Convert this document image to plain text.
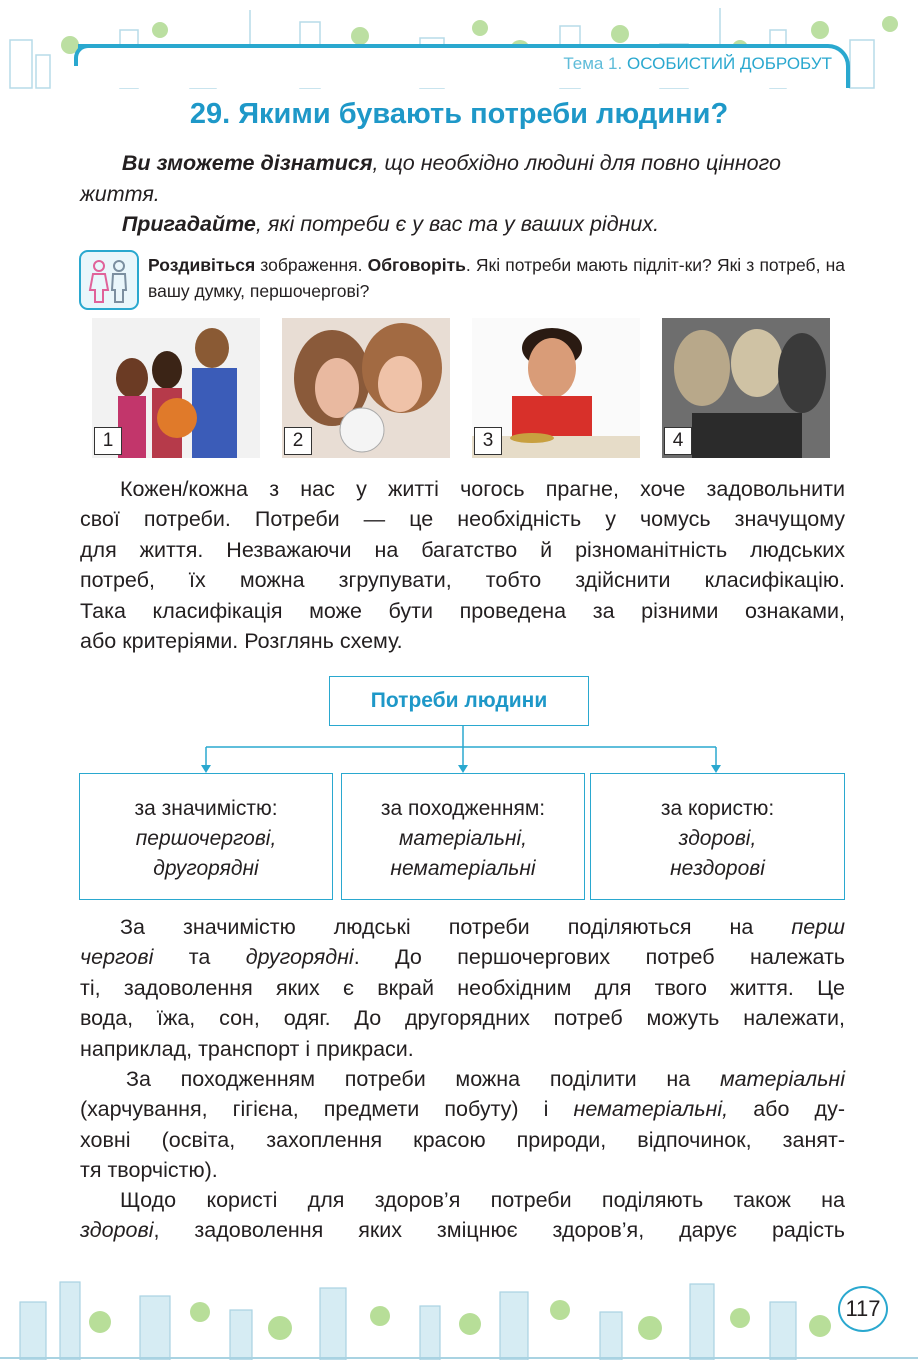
Тема 1. ОСОБИСТИЙ ДОБРОБУТ
29. Якими бувають потреби людини?
Ви зможете дізнатися, що необхідно людині для повно цінного життя.
Пригадайте, які потреби є у вас та у ваших рідних.
Роздивіться зображення. Обговоріть. Які потреби мають підліт-ки? Які з потреб, на вашу думку, першочергові?
1	2	3	4
Кожен/кожна з нас у житті чогось прагне, хоче задовольнити
свої потреби. Потреби — це необхідність у чомусь значущому
для життя. Незважаючи на багатство й різноманітність людських
потреб, їх можна згрупувати, тобто здійснити класифікацію.
Така класифікація може бути проведена за різними ознаками,
або критеріями. Розглянь схему.
Потреби людини
за значимістю:
першочергові,
другорядні
за походженням:
матеріальні,
нематеріальні
за користю:
здорові,
нездорові
За значимістю людські потреби поділяються на перш
чергові та другорядні. До першочергових потреб належать
ті, задоволення яких є вкрай необхідним для твого життя. Це
вода, їжа, сон, одяг. До другорядних потреб можуть належати,
наприклад, транспорт і прикраси.
За походженням потреби можна поділити на матеріальні
(харчування, гігієна, предмети побуту) і нематеріальні, або ду-
ховні (освіта, захоплення красою природи, відпочинок, занят-
тя творчістю).
Щодо користі для здоров’я потреби поділяють також на
здорові, задоволення яких зміцнює здоров’я, дарує радість
117
